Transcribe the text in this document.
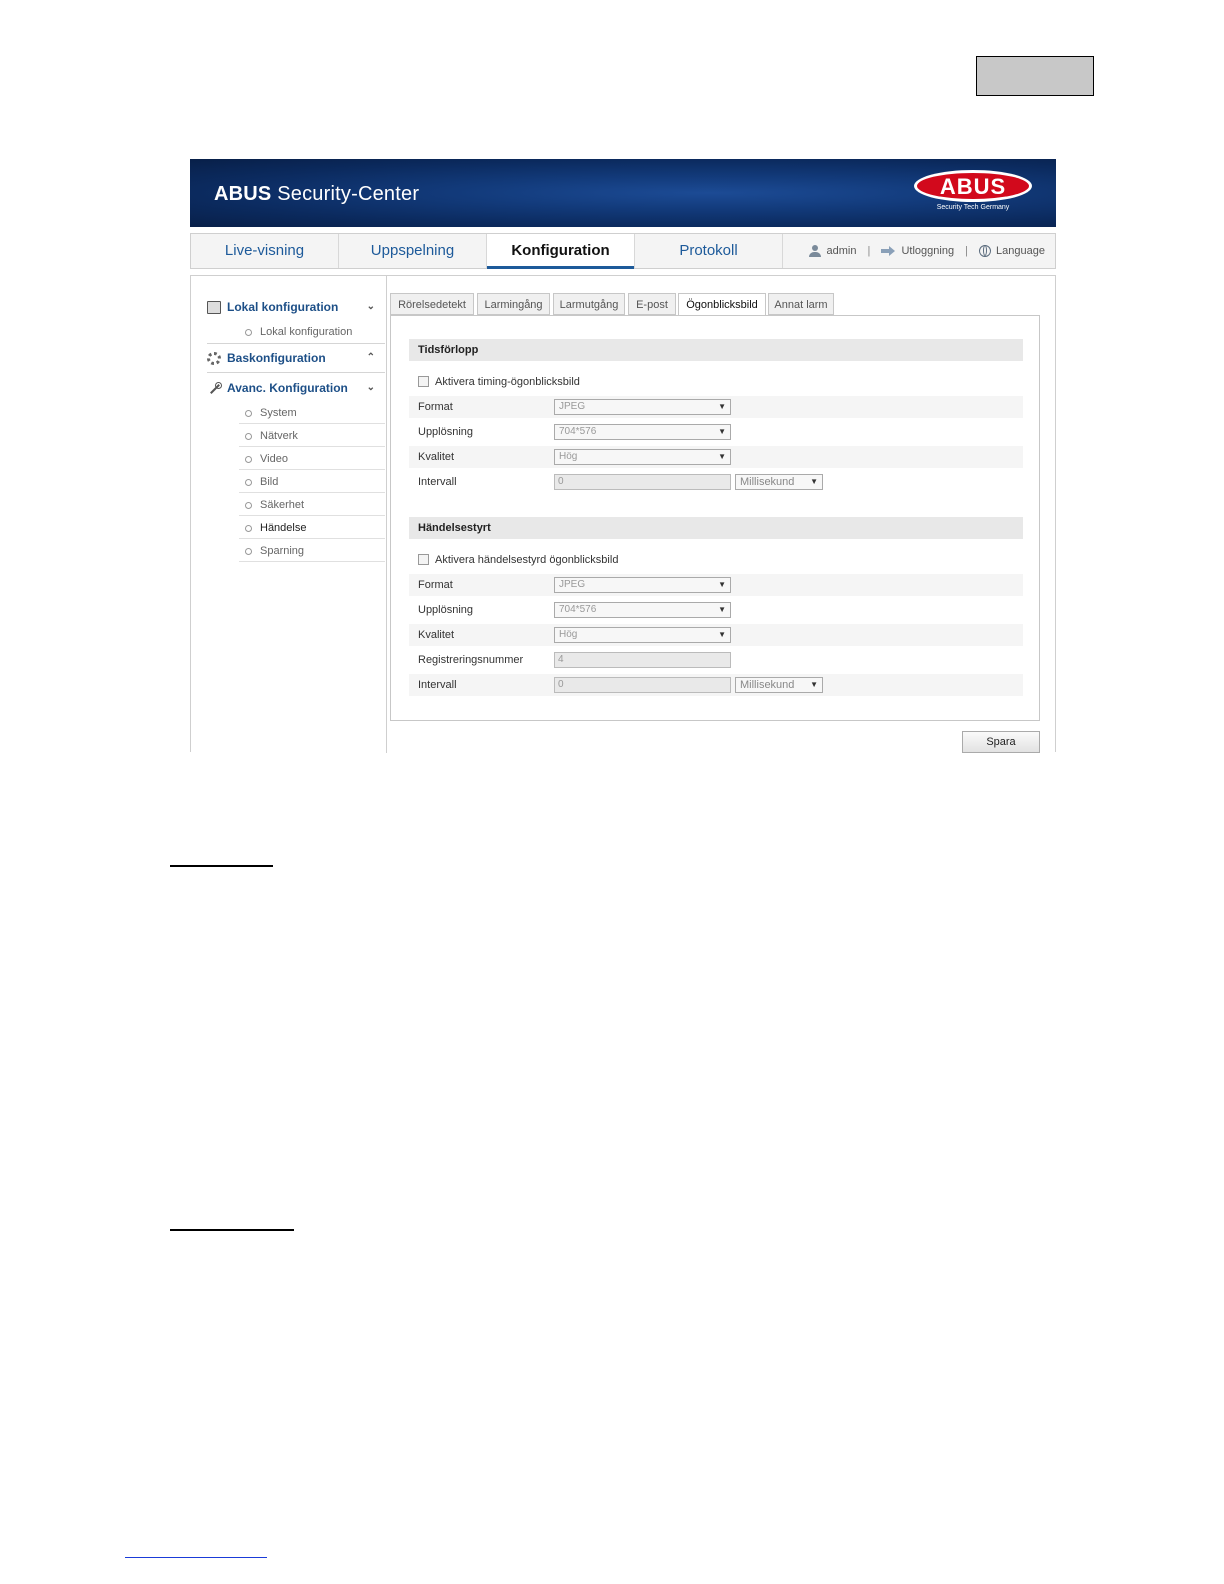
ABUS Security-Center	ABUS
Security Tech Germany
Live-visning	Uppspelning	Konfiguration	Protokoll	admin |	Utloggning |	Language
Lokal konfiguration	⌄
Lokal konfiguration
Baskonfiguration	⌃
Avanc. Konfiguration ⌄
System
Nätverk
Video
Bild
Säkerhet
Händelse
Sparning
Rörelsedetekt	Larmingång	Larmutgång	E-post	Ögonblicksbild	Annat larm
Tidsförlopp
Aktivera timing-ögonblicksbild
Format	JPEG	▼
Upplösning	704*576	▼
Kvalitet	Hög	▼
Intervall	0	Millisekund ▼
Händelsestyrt
Aktivera händelsestyrd ögonblicksbild
Format	JPEG	▼
Upplösning	704*576	▼
Kvalitet	Hög	▼
Registreringsnummer	4
Intervall	0	Millisekund ▼
Spara
